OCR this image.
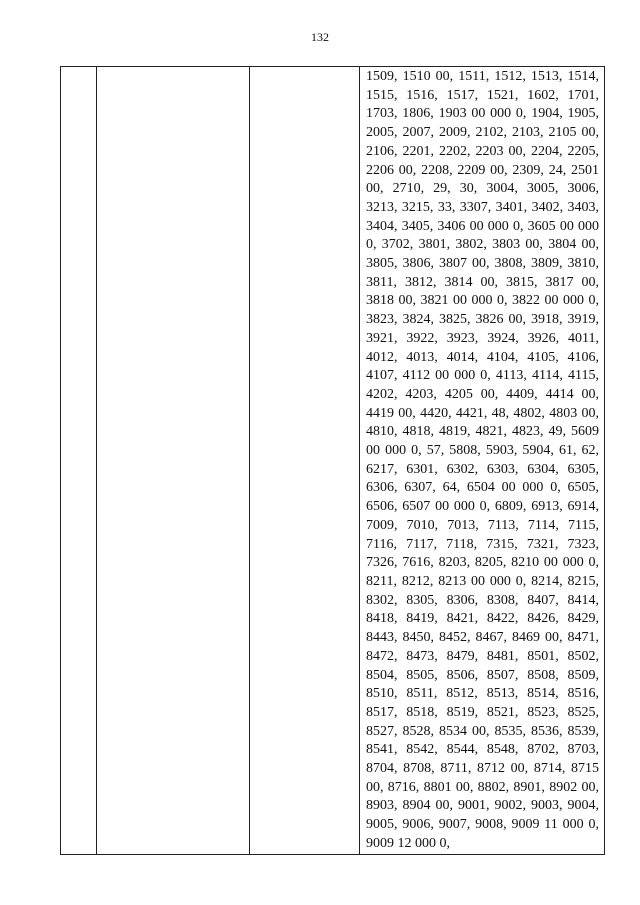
132

1509, 1510 00, 1511, 1512, 1513, 1514, 1515, 1516, 1517, 1521, 1602, 1701, 1703, 1806, 1903 00 000 0, 1904, 1905, 2005, 2007, 2009, 2102, 2103, 2105 00, 2106, 2201, 2202, 2203 00, 2204, 2205, 2206 00, 2208, 2209 00, 2309, 24, 2501 00, 2710, 29, 30, 3004, 3005, 3006, 3213, 3215, 33, 3307, 3401, 3402, 3403, 3404, 3405, 3406 00 000 0, 3605 00 000 0, 3702, 3801, 3802, 3803 00, 3804 00, 3805, 3806, 3807 00, 3808, 3809, 3810, 3811, 3812, 3814 00, 3815, 3817 00, 3818 00, 3821 00 000 0, 3822 00 000 0, 3823, 3824, 3825, 3826 00, 3918, 3919, 3921, 3922, 3923, 3924, 3926, 4011, 4012, 4013, 4014, 4104, 4105, 4106, 4107, 4112 00 000 0, 4113, 4114, 4115, 4202, 4203, 4205 00, 4409, 4414 00, 4419 00, 4420, 4421, 48, 4802, 4803 00, 4810, 4818, 4819, 4821, 4823, 49, 5609 00 000 0, 57, 5808, 5903, 5904, 61, 62, 6217, 6301, 6302, 6303, 6304, 6305, 6306, 6307, 64, 6504 00 000 0, 6505, 6506, 6507 00 000 0, 6809, 6913, 6914, 7009, 7010, 7013, 7113, 7114, 7115, 7116, 7117, 7118, 7315, 7321, 7323, 7326, 7616, 8203, 8205, 8210 00 000 0, 8211, 8212, 8213 00 000 0, 8214, 8215, 8302, 8305, 8306, 8308, 8407, 8414, 8418, 8419, 8421, 8422, 8426, 8429, 8443, 8450, 8452, 8467, 8469 00, 8471, 8472, 8473, 8479, 8481, 8501, 8502, 8504, 8505, 8506, 8507, 8508, 8509, 8510, 8511, 8512, 8513, 8514, 8516, 8517, 8518, 8519, 8521, 8523, 8525, 8527, 8528, 8534 00, 8535, 8536, 8539, 8541, 8542, 8544, 8548, 8702, 8703, 8704, 8708, 8711, 8712 00, 8714, 8715 00, 8716, 8801 00, 8802, 8901, 8902 00, 8903, 8904 00, 9001, 9002, 9003, 9004, 9005, 9006, 9007, 9008, 9009 11 000 0, 9009 12 000 0,
